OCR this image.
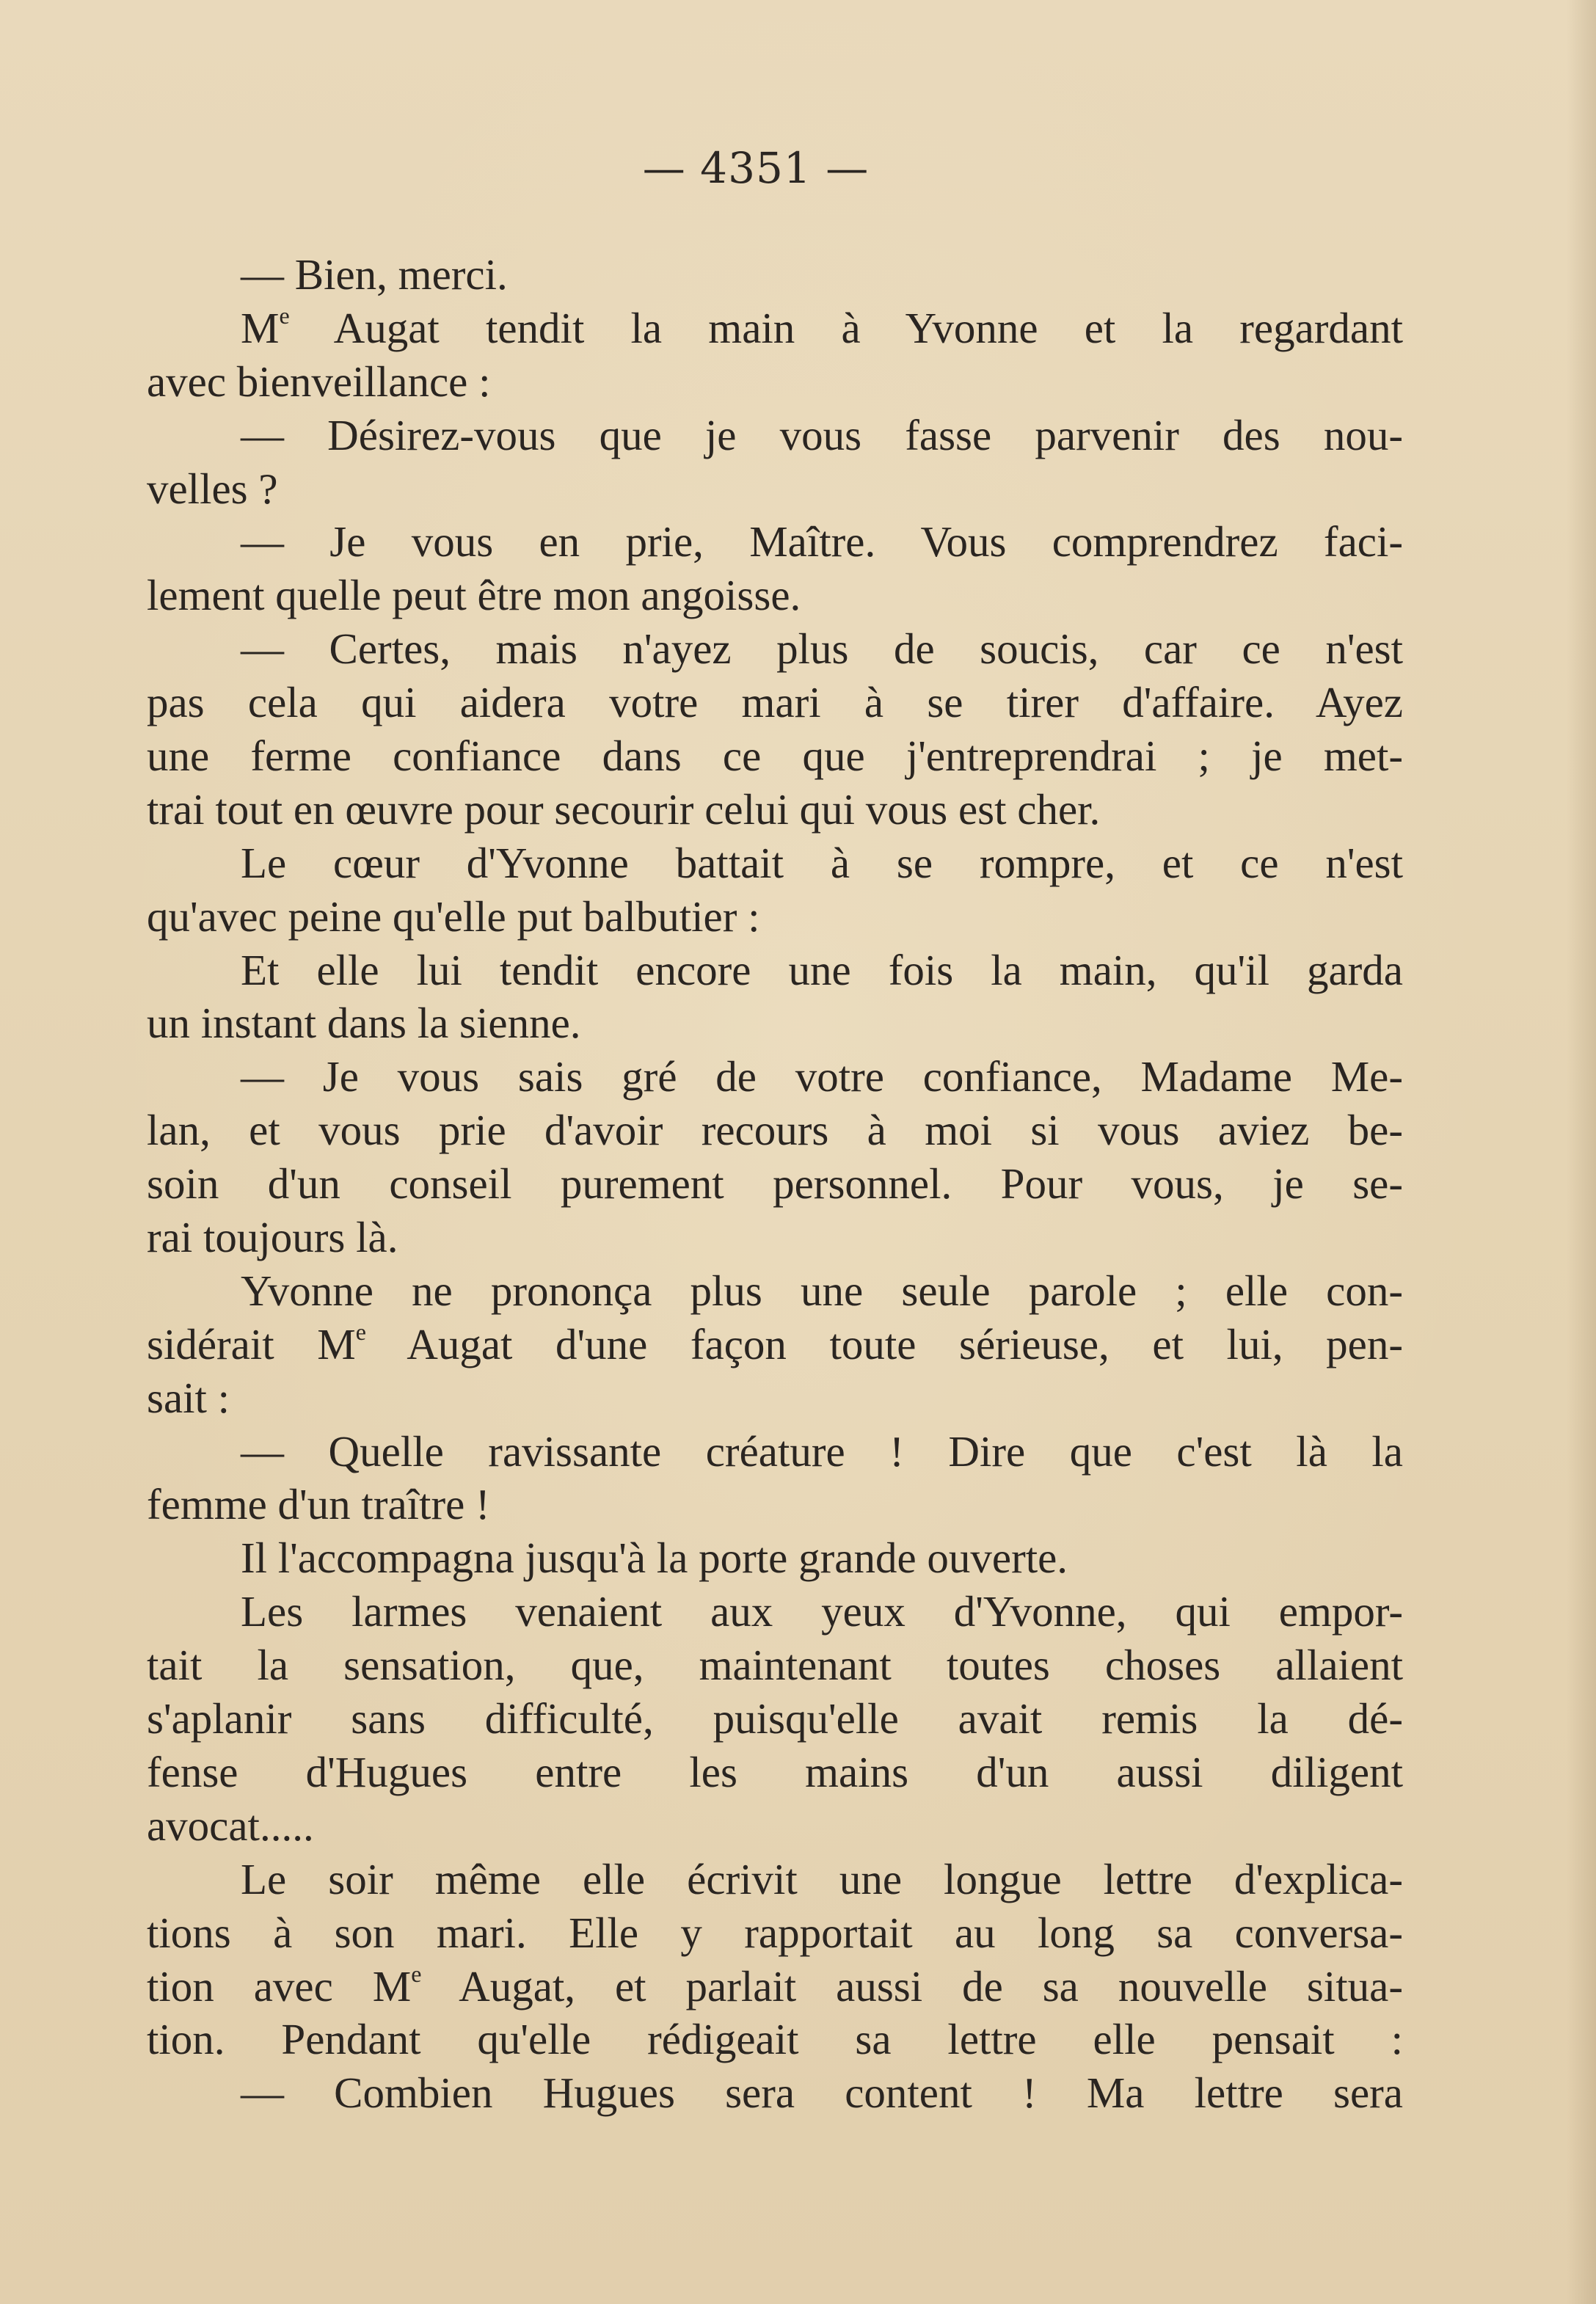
— 4351 —
— Bien, merci.
Me Augat tendit la main à Yvonne et la regardant
avec bienveillance :
— Désirez-vous que je vous fasse parvenir des nou-
velles ?
— Je vous en prie, Maître. Vous comprendrez faci-
lement quelle peut être mon angoisse.
— Certes, mais n'ayez plus de soucis, car ce n'est
pas cela qui aidera votre mari à se tirer d'affaire. Ayez
une ferme confiance dans ce que j'entreprendrai ; je met-
trai tout en œuvre pour secourir celui qui vous est cher.
Le cœur d'Yvonne battait à se rompre, et ce n'est
qu'avec peine qu'elle put balbutier :
Et elle lui tendit encore une fois la main, qu'il garda
un instant dans la sienne.
— Je vous sais gré de votre confiance, Madame Me-
lan, et vous prie d'avoir recours à moi si vous aviez be-
soin d'un conseil purement personnel. Pour vous, je se-
rai toujours là.
Yvonne ne prononça plus une seule parole ; elle con-
sidérait Me Augat d'une façon toute sérieuse, et lui, pen-
sait :
— Quelle ravissante créature ! Dire que c'est là la
femme d'un traître !
Il l'accompagna jusqu'à la porte grande ouverte.
Les larmes venaient aux yeux d'Yvonne, qui empor-
tait la sensation, que, maintenant toutes choses allaient
s'aplanir sans difficulté, puisqu'elle avait remis la dé-
fense d'Hugues entre les mains d'un aussi diligent
avocat.....
Le soir même elle écrivit une longue lettre d'explica-
tions à son mari. Elle y rapportait au long sa conversa-
tion avec Me Augat, et parlait aussi de sa nouvelle situa-
tion. Pendant qu'elle rédigeait sa lettre elle pensait :
— Combien Hugues sera content ! Ma lettre sera
